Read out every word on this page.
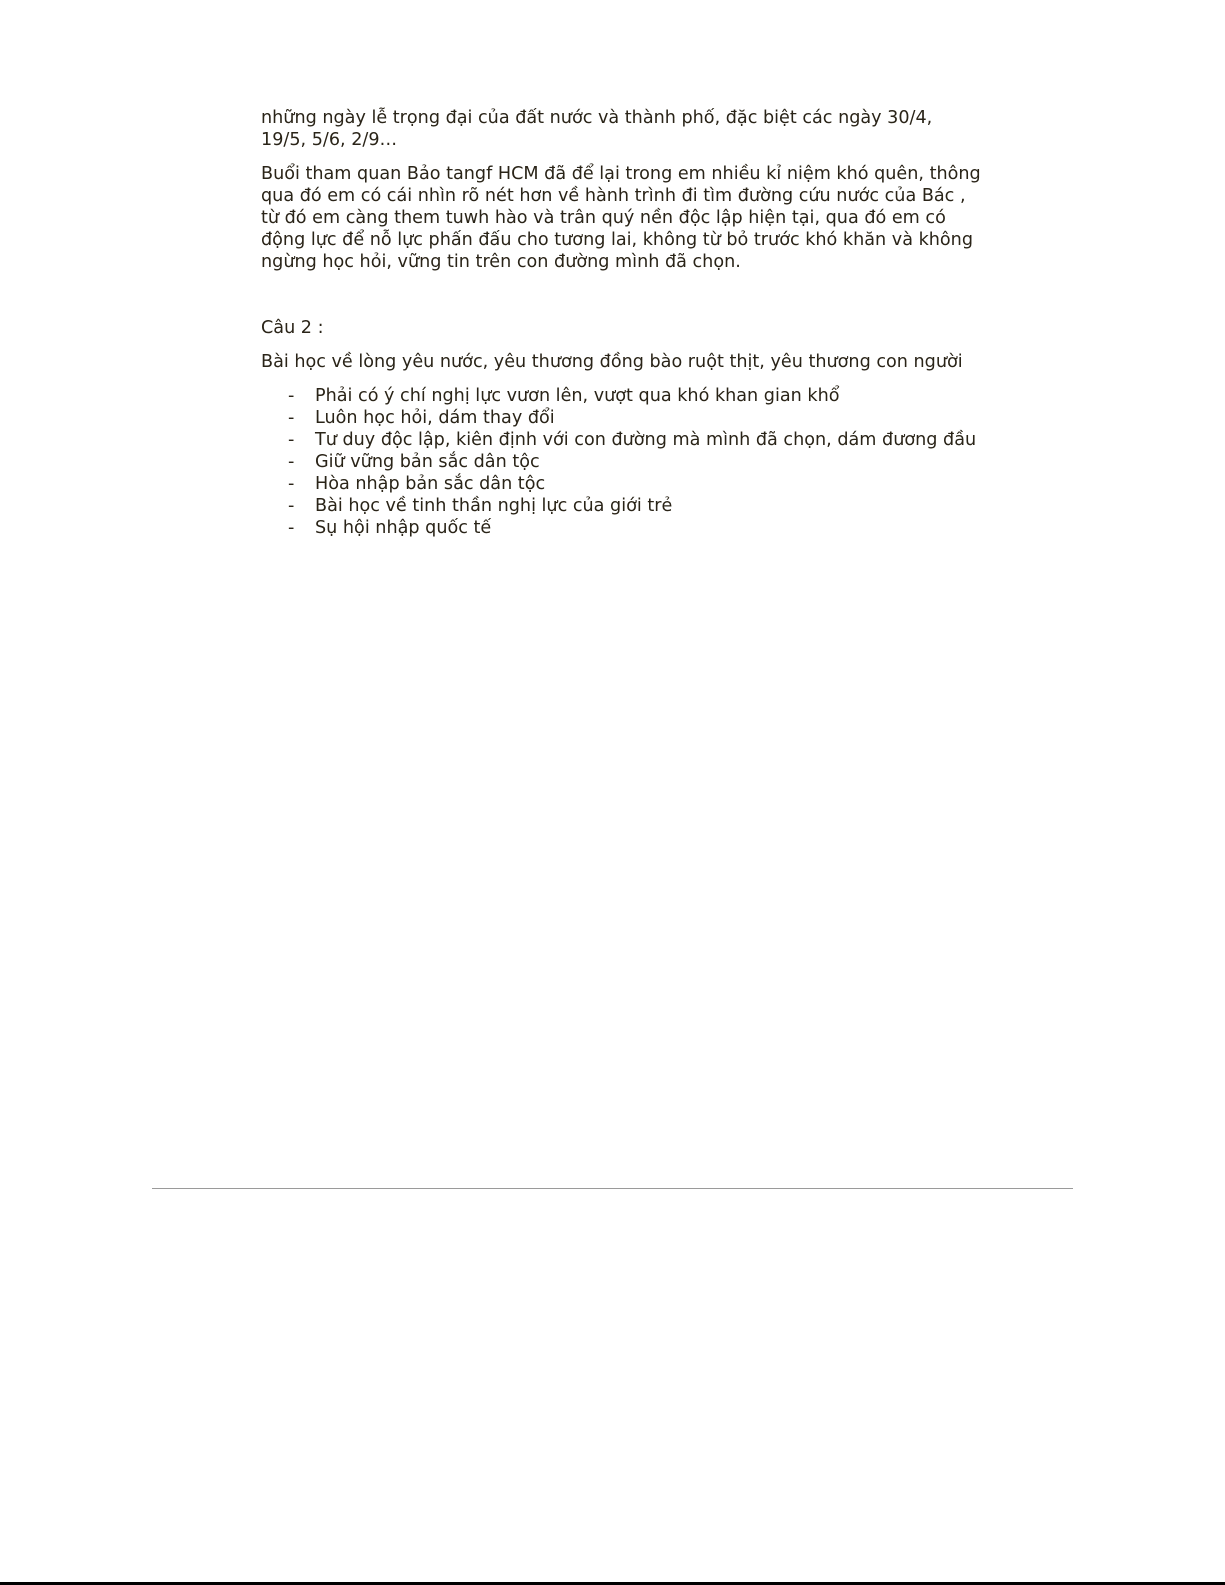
những ngày lễ trọng đại của đất nước và thành phố, đặc biệt các ngày 30/4, 19/5, 5/6, 2/9…

Buổi tham quan Bảo tangf HCM đã để lại trong em nhiều kỉ niệm khó quên, thông qua đó em có cái nhìn rõ nét hơn về hành trình đi tìm đường cứu nước của Bác , từ đó em càng them tuwh hào và trân quý nền độc lập hiện tại, qua đó em có động lực để nỗ lực phấn đấu cho tương lai, không từ bỏ trước khó khăn và không ngừng học hỏi, vững tin trên con đường mình đã chọn.

Câu 2 :

Bài học về lòng yêu nước, yêu thương đồng bào ruột thịt, yêu thương con người

- Phải có ý chí nghị lực vươn lên, vượt qua khó khan gian khổ
- Luôn học hỏi, dám thay đổi
- Tư duy độc lập, kiên định với con đường mà mình đã chọn, dám đương đầu
- Giữ vững bản sắc dân tộc
- Hòa nhập bản sắc dân tộc
- Bài học về tinh thần nghị lực của giới trẻ
- Sụ hội nhập quốc tế
